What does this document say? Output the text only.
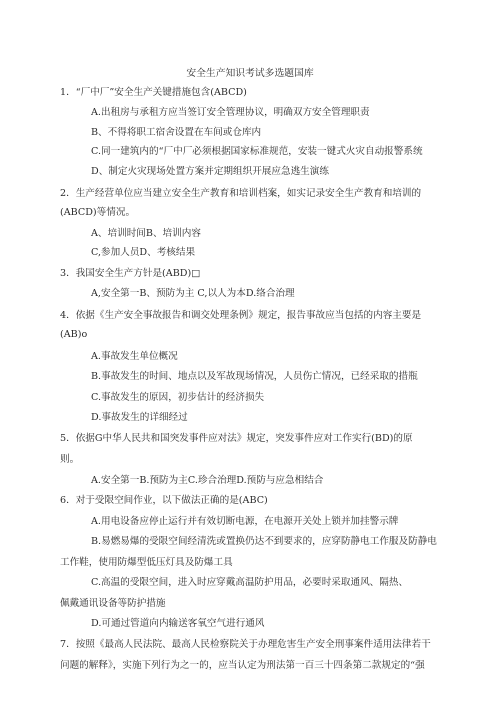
安全生产知识考试多选题国库
1．“厂中厂”安全生产关键措施包含(ABCD)
A.出租房与承租方应当签订安全管理协议，明确双方安全管理职责
B、不得将职工宿舍设置在车间或仓库内
C.同一建筑内的“厂中厂必须根据国家标准规范，安装一键式火灾自动报警系统
D、制定火灾现场处置方案并定期组织开展应急逃生演练
2．生产经营单位应当建立安全生产教育和培训档案，如实记录安全生产教育和培训的
(ABCD)等情况。
A、培训时间B、培训内容
C,参加人员D、考核结果
3．我国安全生产方针是(ABD)□
A,安全第一B、预防为主 C,以人为本D.络合治理
4．依据《生产安全事故报告和调交处理条例》规定，报告事故应当包括的内容主要是
(AB)o
A.事故发生单位概况
B.事故发生的时间、地点以及军故现场情况，人员伤亡情况，已经采取的措瓶
C.事故发生的原因，初步估计的经济损失
D.事故发生的详细经过
5．依据G中华人民共和国突发事件应对法》规定，突发事件应对工作实行(BD)的原
则。
A.安全第一B.预防为主C.珍合治理D.预防与应急相结合
6．对于受限空间作业，以下做法正确的是(ABC)
A.用电设备应停止运行并有效切断电源，在电源开关处上锁并加挂警示牌
B.易燃易爆的受限空间经清洗或置换仍达不到要求的，应穿防静电工作服及防静电
工作鞋，使用防爆型低压灯具及防爆工具
C.高温的受限空间，进入时应穿戴高温防护用品，必要时采取通风、隔热、
佩戴通讯设备等防护措施
D.可通过管道向内输送客氧空气进行通风
7．按照《最高人民法院、最高人民检察院关于办理危害生产安全刑事案件适用法律若干
问题的解释》，实施下列行为之一的，应当认定为刑法第一百三十四条第二款规定的“强
